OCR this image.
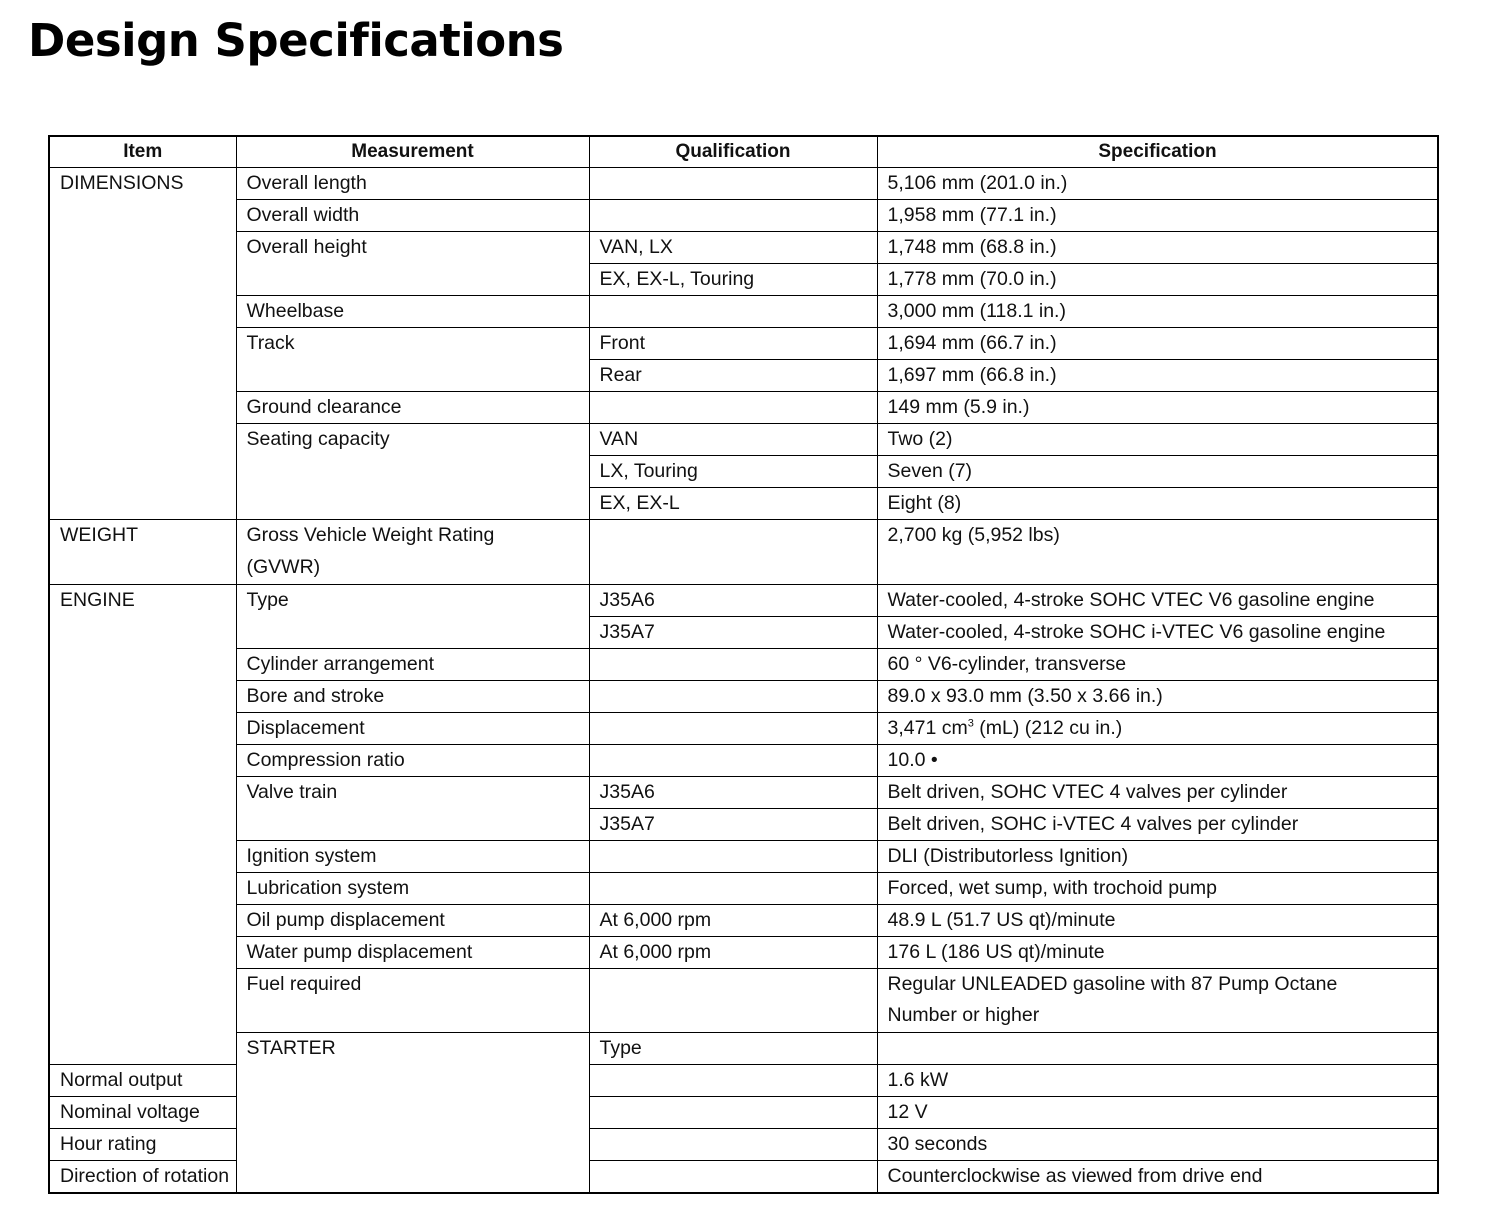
Design Specifications
Item	Measurement	Qualification	Specification	
DIMENSIONS	Overall length		5,106 mm (201.0 in.)	
	Overall width		1,958 mm (77.1 in.)	
	Overall height	VAN, LX	1,748 mm (68.8 in.)	
		EX, EX-L, Touring	1,778 mm (70.0 in.)	
	Wheelbase		3,000 mm (118.1 in.)	
	Track	Front	1,694 mm (66.7 in.)	
		Rear	1,697 mm (66.8 in.)	
	Ground clearance		149 mm (5.9 in.)	
	Seating capacity	VAN	Two (2)	
		LX, Touring	Seven (7)	
		EX, EX-L	Eight (8)	
WEIGHT	Gross Vehicle Weight Rating (GVWR)		2,700 kg (5,952 lbs)	
ENGINE	Type	J35A6	Water-cooled, 4-stroke SOHC VTEC V6 gasoline engine	
		J35A7	Water-cooled, 4-stroke SOHC i-VTEC V6 gasoline engine	
	Cylinder arrangement		60 ° V6-cylinder, transverse	
	Bore and stroke		89.0 x 93.0 mm (3.50 x 3.66 in.)	
	Displacement		3,471 $cm^3$ (mL) (212 cu in.)	
	Compression ratio		10.0 •	
	Valve train	J35A6	Belt driven, SOHC VTEC 4 valves per cylinder	
		J35A7	Belt driven, SOHC i-VTEC 4 valves per cylinder	
	Ignition system		DLI (Distributorless Ignition)	
	Lubrication system		Forced, wet sump, with trochoid pump	
	Oil pump displacement	At 6,000 rpm	48.9 L (51.7 US qt)/minute	
	Water pump displacement	At 6,000 rpm	176 L (186 US qt)/minute	
	Fuel required		Regular UNLEADED gasoline with 87 Pump Octane Number or higher	
	STARTER	Type		
Normal output			1.6 kW	
Nominal voltage			12 V	
Hour rating			30 seconds	
Direction of rotation			Counterclockwise as viewed from drive end	
